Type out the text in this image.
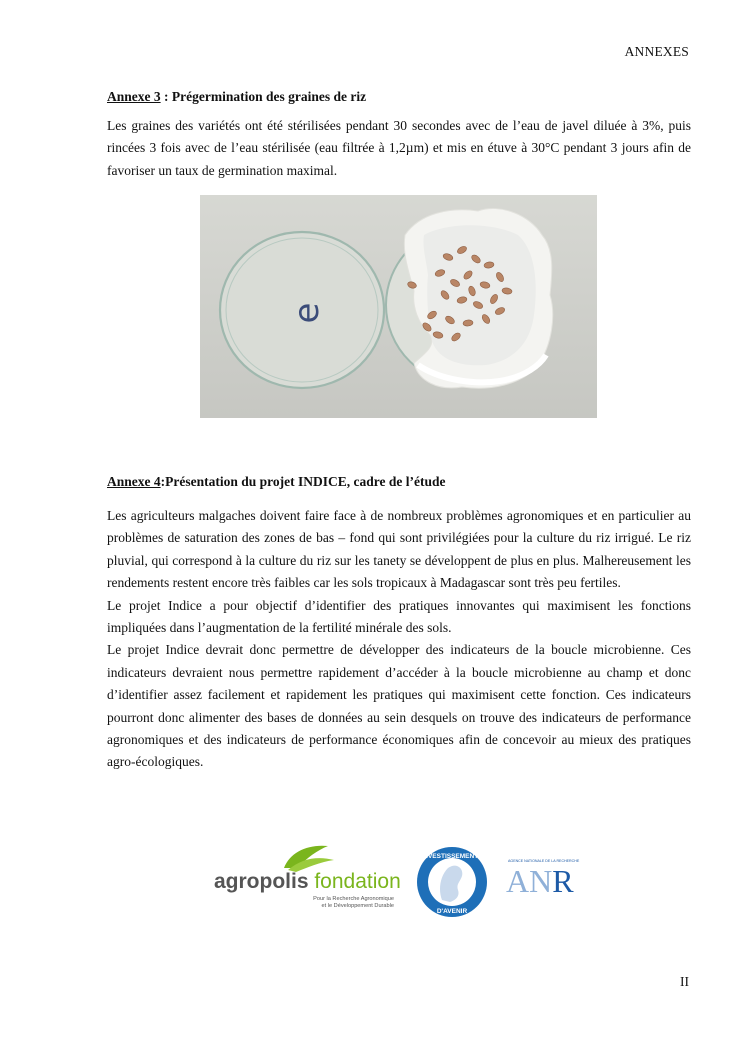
ANNEXES
Annexe 3 : Prégermination des graines de riz

Les graines des variétés ont été stérilisées pendant 30 secondes avec de l’eau de javel diluée à 3%, puis rincées 3 fois avec de l’eau stérilisée (eau filtrée à 1,2µm) et mis en étuve à 30°C pendant 3 jours afin de favoriser un taux de germination maximal.

e
Annexe 4:Présentation du projet INDICE, cadre de l’étude

Les agriculteurs malgaches doivent faire face à de nombreux problèmes agronomiques et en particulier au problèmes de saturation des zones de bas – fond qui sont privilégiées pour la culture du riz irrigué. Le riz pluvial, qui correspond à la culture du riz sur les tanety se développent de plus en plus. Malhereusement les rendements restent encore très faibles car les sols tropicaux à Madagascar sont très peu fertiles.

Le projet Indice a pour objectif d’identifier des pratiques innovantes qui maximisent les fonctions impliquées dans l’augmentation de la fertilité minérale des sols.

Le projet Indice devrait donc permettre de développer des indicateurs de la boucle microbienne. Ces indicateurs devraient nous permettre rapidement d’accéder à la boucle microbienne au champ et donc d’identifier assez facilement et rapidement les pratiques qui maximisent cette fonction. Ces indicateurs pourront donc alimenter des bases de données au sein desquels on trouve des indicateurs de performance agronomiques et des indicateurs de performance économiques afin de concevoir au mieux des pratiques agro-écologiques.

agropolis fondation
Pour la Recherche Agronomique
et le Développement Durable
INVESTISSEMENTS
D'AVENIR
AGENCE NATIONALE DE LA RECHERCHE
ANR
II
